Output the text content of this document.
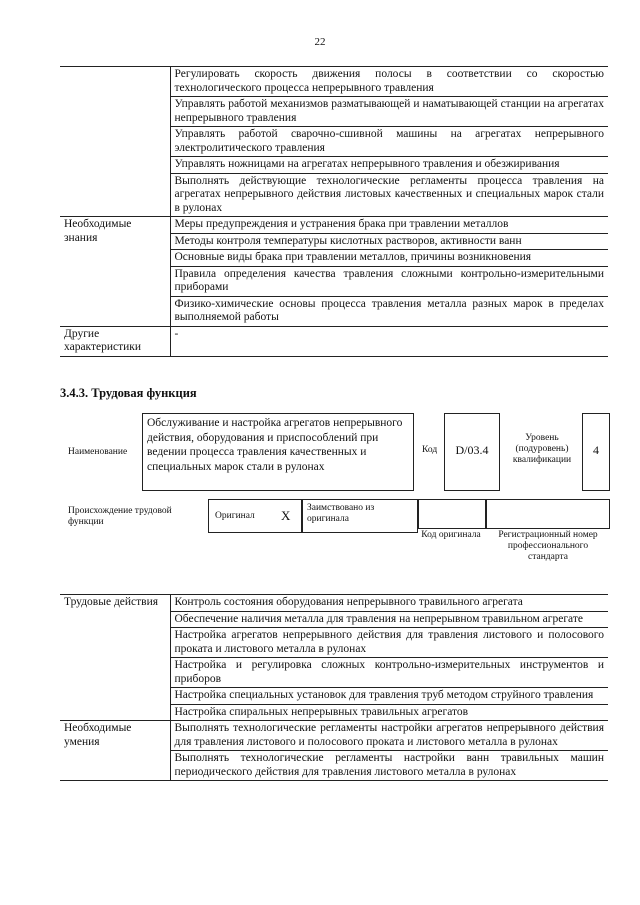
22
	Регулировать скорость движения полосы в соответствии со скоростью технологического процесса непрерывного травления
	Управлять работой механизмов разматывающей и наматывающей станции на агрегатах непрерывного травления
	Управлять работой сварочно-сшивной машины на агрегатах непрерывного электролитического травления
	Управлять ножницами на агрегатах непрерывного травления и обезжиривания
	Выполнять действующие технологические регламенты процесса травления на агрегатах непрерывного действия листовых качественных и специальных марок стали в рулонах
Необходимые знания	Меры предупреждения и устранения брака при травлении металлов
	Методы контроля температуры кислотных растворов, активности ванн
	Основные виды брака при травлении металлов, причины возникновения
	Правила определения качества травления сложными контрольно-измерительными приборами
	Физико-химические основы процесса травления металла разных марок в пределах выполняемой работы
Другие характеристики	-
3.4.3. Трудовая функция
Наименование
Обслуживание и настройка агрегатов непрерывного действия, оборудования и приспособлений при ведении процесса травления качественных и специальных марок стали в рулонах
Код	D/03.4
Уровень (подуровень) квалификации
4
Происхождение трудовой функции
Оригинал X Заимствовано из оригинала
Код оригинала	Регистрационный номер профессионального стандарта
Трудовые действия	Контроль состояния оборудования непрерывного травильного агрегата
	Обеспечение наличия металла для травления на непрерывном травильном агрегате
	Настройка агрегатов непрерывного действия для травления листового и полосового проката и листового металла в рулонах
	Настройка и регулировка сложных контрольно-измерительных инструментов и приборов
	Настройка специальных установок для травления труб методом струйного травления
	Настройка спиральных непрерывных травильных агрегатов
Необходимые умения	Выполнять технологические регламенты настройки агрегатов непрерывного действия для травления листового и полосового проката и листового металла в рулонах
	Выполнять технологические регламенты настройки ванн травильных машин периодического действия для травления листового металла в рулонах
